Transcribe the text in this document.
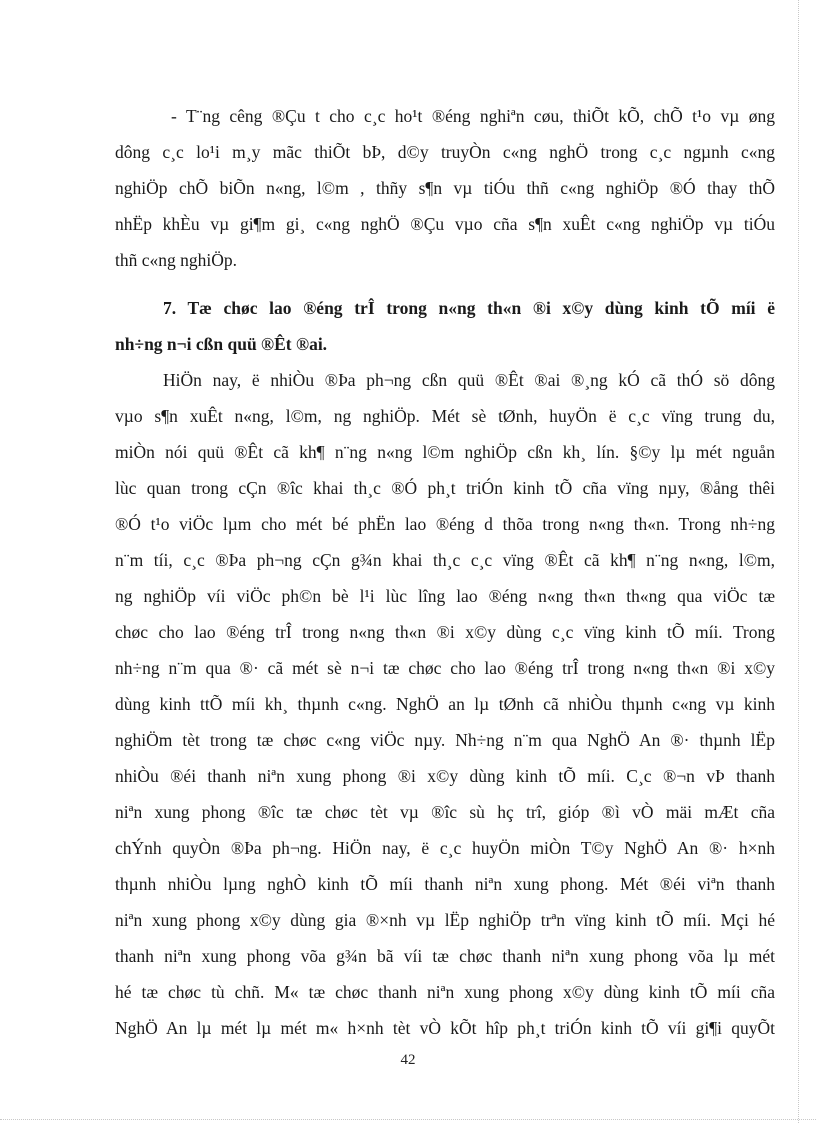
- T¨ng cêng ®Çu t cho c¸c ho¹t ®éng nghiªn cøu, thiÕt kÕ, chÕ t¹o vµ øng
dông c¸c lo¹i m¸y mãc thiÕt bÞ, d©y truyÒn c«ng nghÖ trong c¸c ngµnh c«ng
nghiÖp chÕ biÕn n«ng, l©m , thñy s¶n vµ tiÓu thñ c«ng nghiÖp ®Ó thay thÕ
nhËp khÈu vµ gi¶m gi¸ c«ng nghÖ ®Çu vµo cña s¶n xuÊt c«ng nghiÖp vµ tiÓu
thñ c«ng nghiÖp.
7. Tæ chøc lao ®éng trÎ trong n«ng th«n ®i x©y dùng kinh tÕ míi ë
nh÷ng n¬i cßn quü ®Êt ®ai.
HiÖn nay, ë nhiÒu ®Þa ph¬ng cßn quü ®Êt ®ai ®¸ng kÓ cã thÓ sö dông
vµo s¶n xuÊt n«ng, l©m, ng nghiÖp. Mét sè tØnh, huyÖn ë c¸c vïng trung du,
miÒn nói quü ®Êt cã kh¶ n¨ng n«ng l©m nghiÖp cßn kh¸ lín. §©y lµ mét nguån
lùc quan trong cÇn ®îc khai th¸c ®Ó ph¸t triÓn kinh tÕ cña vïng nµy, ®ång thêi
®Ó t¹o viÖc lµm cho mét bé phËn lao ®éng d thõa trong n«ng th«n. Trong nh÷ng
n¨m tíi, c¸c ®Þa ph¬ng cÇn g¾n khai th¸c c¸c vïng ®Êt cã kh¶ n¨ng n«ng, l©m,
ng nghiÖp víi viÖc ph©n bè l¹i lùc lîng lao ®éng n«ng th«n th«ng qua viÖc tæ
chøc cho lao ®éng trÎ trong n«ng th«n ®i x©y dùng c¸c vïng kinh tÕ míi. Trong
nh÷ng n¨m qua ®· cã mét sè n¬i tæ chøc cho lao ®éng trÎ trong n«ng th«n ®i x©y
dùng kinh ttÕ míi kh¸ thµnh c«ng. NghÖ an lµ tØnh cã nhiÒu thµnh c«ng vµ kinh
nghiÖm tèt trong tæ chøc c«ng viÖc nµy. Nh÷ng n¨m qua NghÖ An ®· thµnh lËp
nhiÒu ®éi thanh niªn xung phong ®i x©y dùng kinh tÕ míi. C¸c ®¬n vÞ thanh
niªn xung phong ®îc tæ chøc tèt vµ ®îc sù hç trî, gióp ®ì vÒ mäi mÆt cña
chÝnh quyÒn ®Þa ph¬ng. HiÖn nay, ë c¸c huyÖn miÒn T©y NghÖ An ®· h×nh
thµnh nhiÒu lµng nghÒ kinh tÕ míi thanh niªn xung phong. Mét ®éi viªn thanh
niªn xung phong x©y dùng gia ®×nh vµ lËp nghiÖp trªn vïng kinh tÕ míi. Mçi hé
thanh niªn xung phong võa g¾n bã víi tæ chøc thanh niªn xung phong võa lµ mét
hé tæ chøc tù chñ. M« tæ chøc thanh niªn xung phong x©y dùng kinh tÕ míi cña
NghÖ An lµ mét lµ mét m« h×nh tèt vÒ kÕt hîp ph¸t triÓn kinh tÕ víi gi¶i quyÕt
42
